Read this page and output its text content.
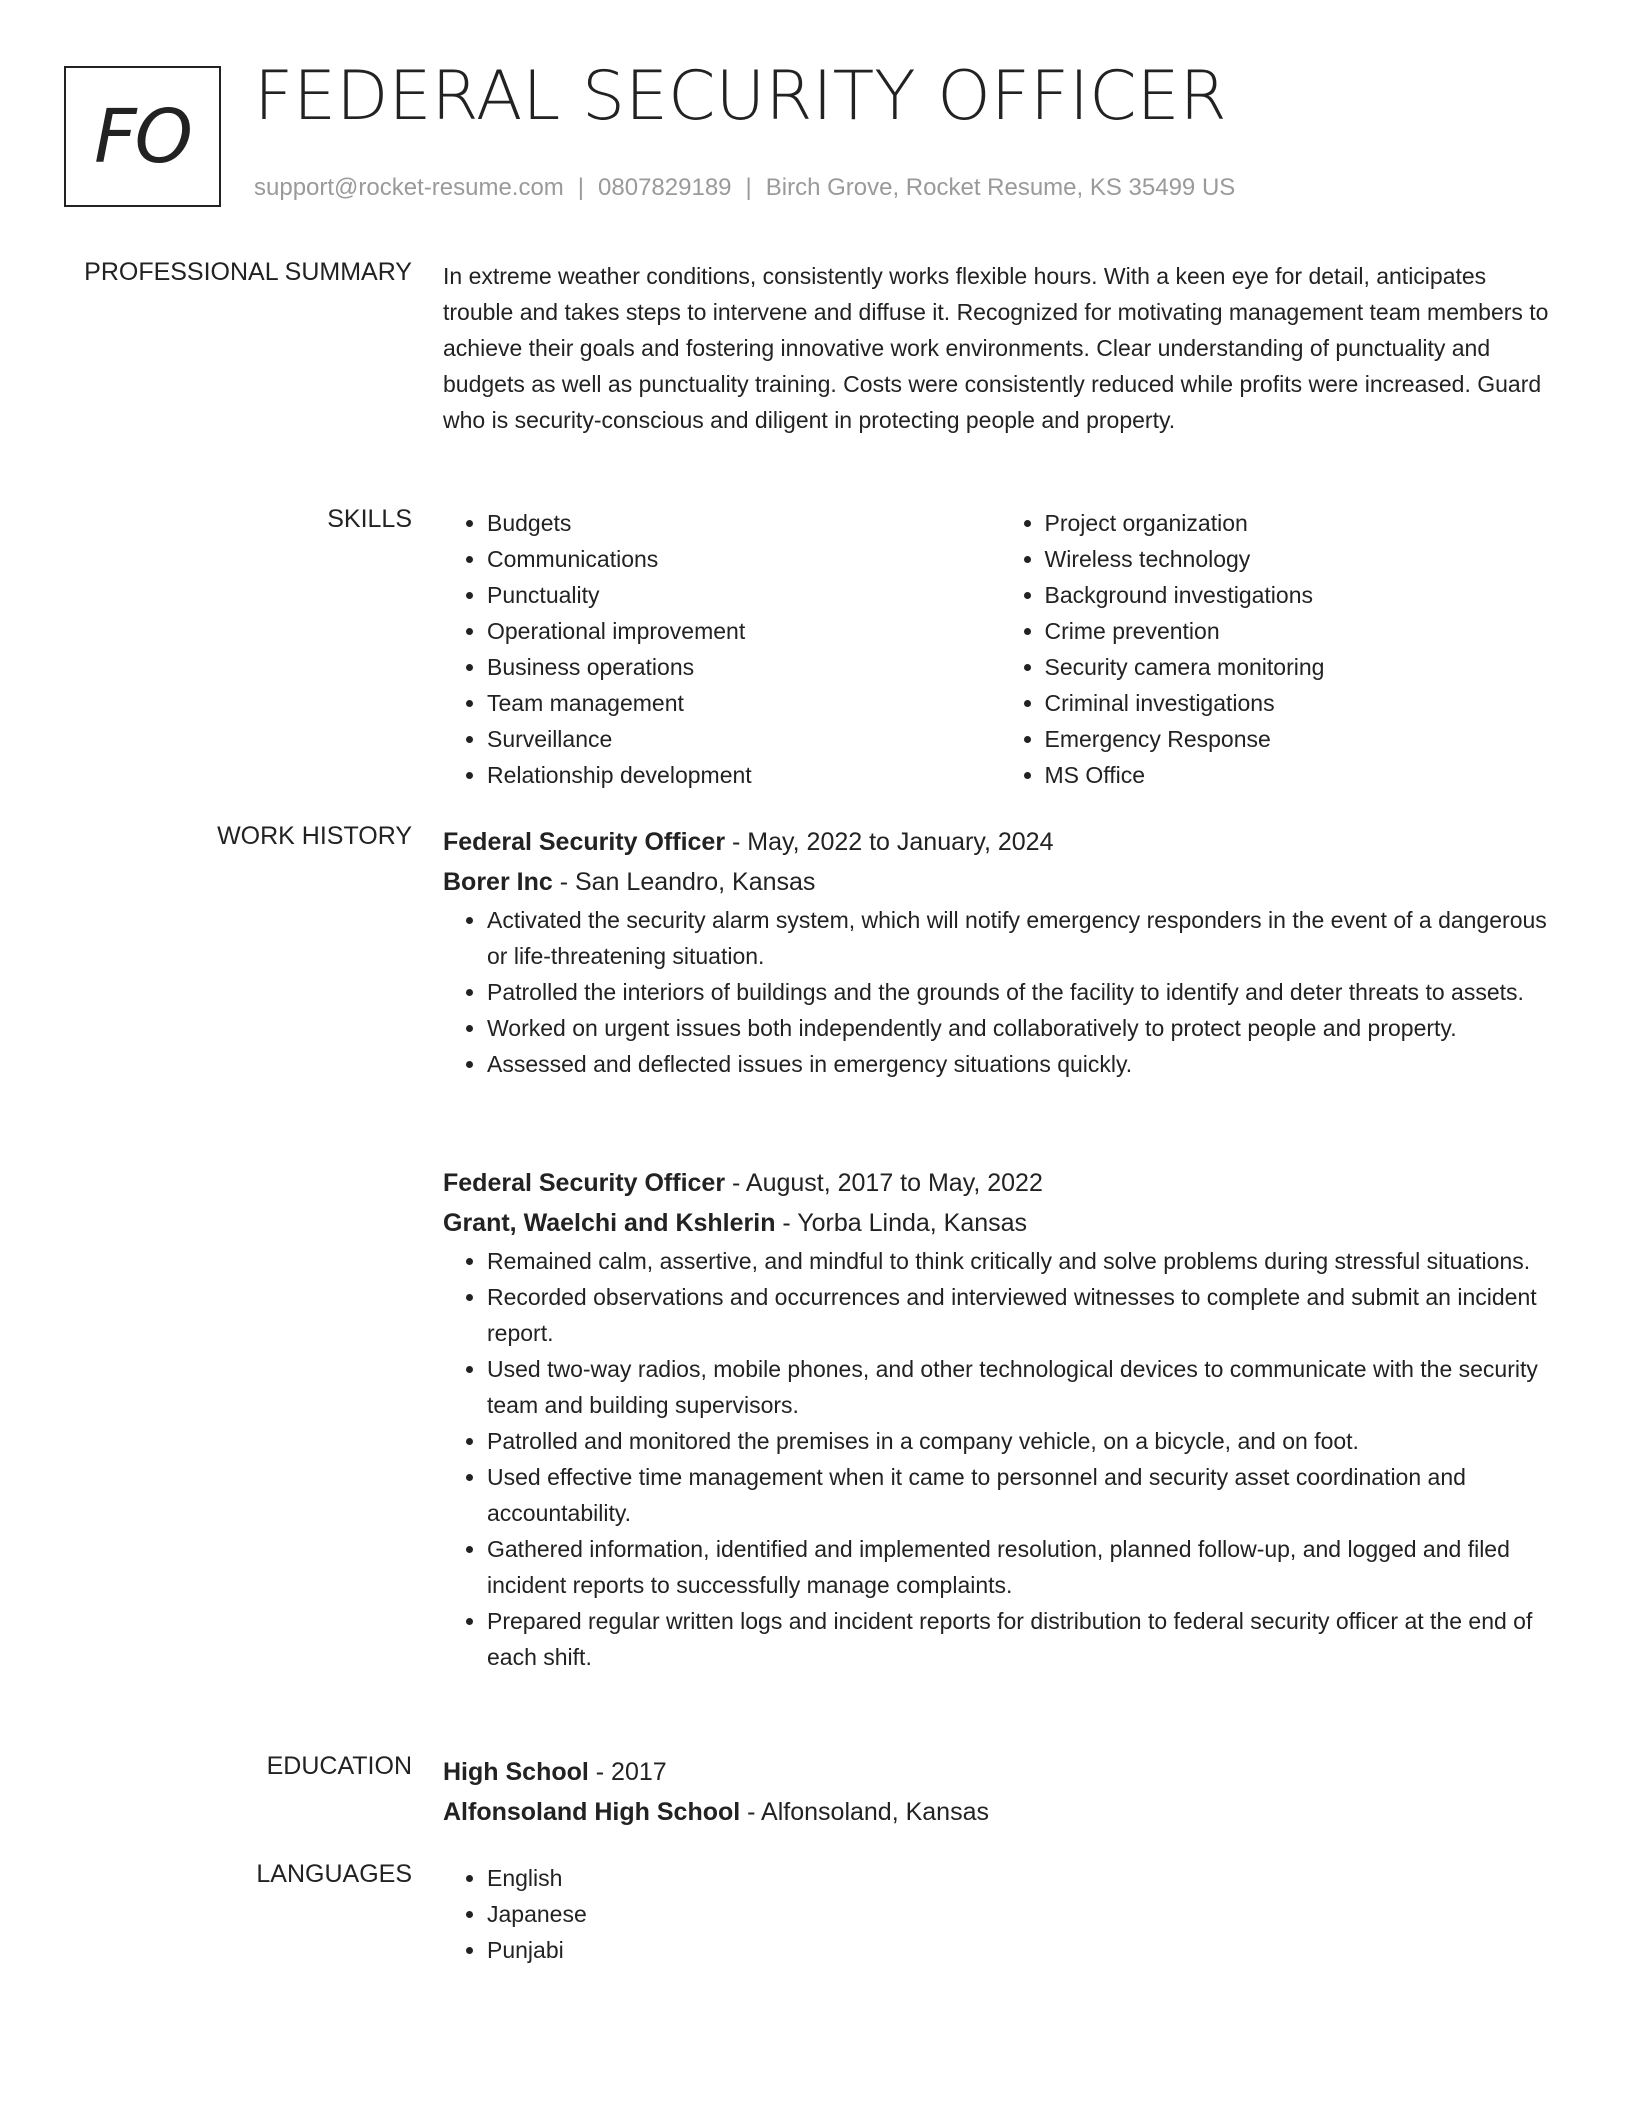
FO FEDERAL SECURITY OFFICER
support@rocket-resume.com | 0807829189 | Birch Grove, Rocket Resume, KS 35499 US
PROFESSIONAL SUMMARY In extreme weather conditions, consistently works flexible hours. With a keen eye for detail, anticipates trouble and takes steps to intervene and diffuse it. Recognized for motivating management team members to achieve their goals and fostering innovative work environments. Clear understanding of punctuality and budgets as well as punctuality training. Costs were consistently reduced while profits were increased. Guard who is security-conscious and diligent in protecting people and property.

SKILLS	• Budgets
• Communications
• Punctuality
• Operational improvement
• Business operations
• Team management
• Surveillance
• Relationship development
• Project organization
• Wireless technology
• Background investigations
• Crime prevention
• Security camera monitoring
• Criminal investigations
• Emergency Response
• MS Office
WORK HISTORY Federal Security Officer - May, 2022 to January, 2024
Borer Inc - San Leandro, Kansas
• Activated the security alarm system, which will notify emergency responders in the event of a dangerous or life-threatening situation.
• Patrolled the interiors of buildings and the grounds of the facility to identify and deter threats to assets.
• Worked on urgent issues both independently and collaboratively to protect people and property.
• Assessed and deflected issues in emergency situations quickly.
Federal Security Officer - August, 2017 to May, 2022
Grant, Waelchi and Kshlerin - Yorba Linda, Kansas
• Remained calm, assertive, and mindful to think critically and solve problems during stressful situations.
• Recorded observations and occurrences and interviewed witnesses to complete and submit an incident report.
• Used two-way radios, mobile phones, and other technological devices to communicate with the security team and building supervisors.
• Patrolled and monitored the premises in a company vehicle, on a bicycle, and on foot.
• Used effective time management when it came to personnel and security asset coordination and accountability.
• Gathered information, identified and implemented resolution, planned follow-up, and logged and filed incident reports to successfully manage complaints.
• Prepared regular written logs and incident reports for distribution to federal security officer at the end of each shift.
EDUCATION High School - 2017
Alfonsoland High School - Alfonsoland, Kansas
LANGUAGES	• English
• Japanese
• Punjabi
